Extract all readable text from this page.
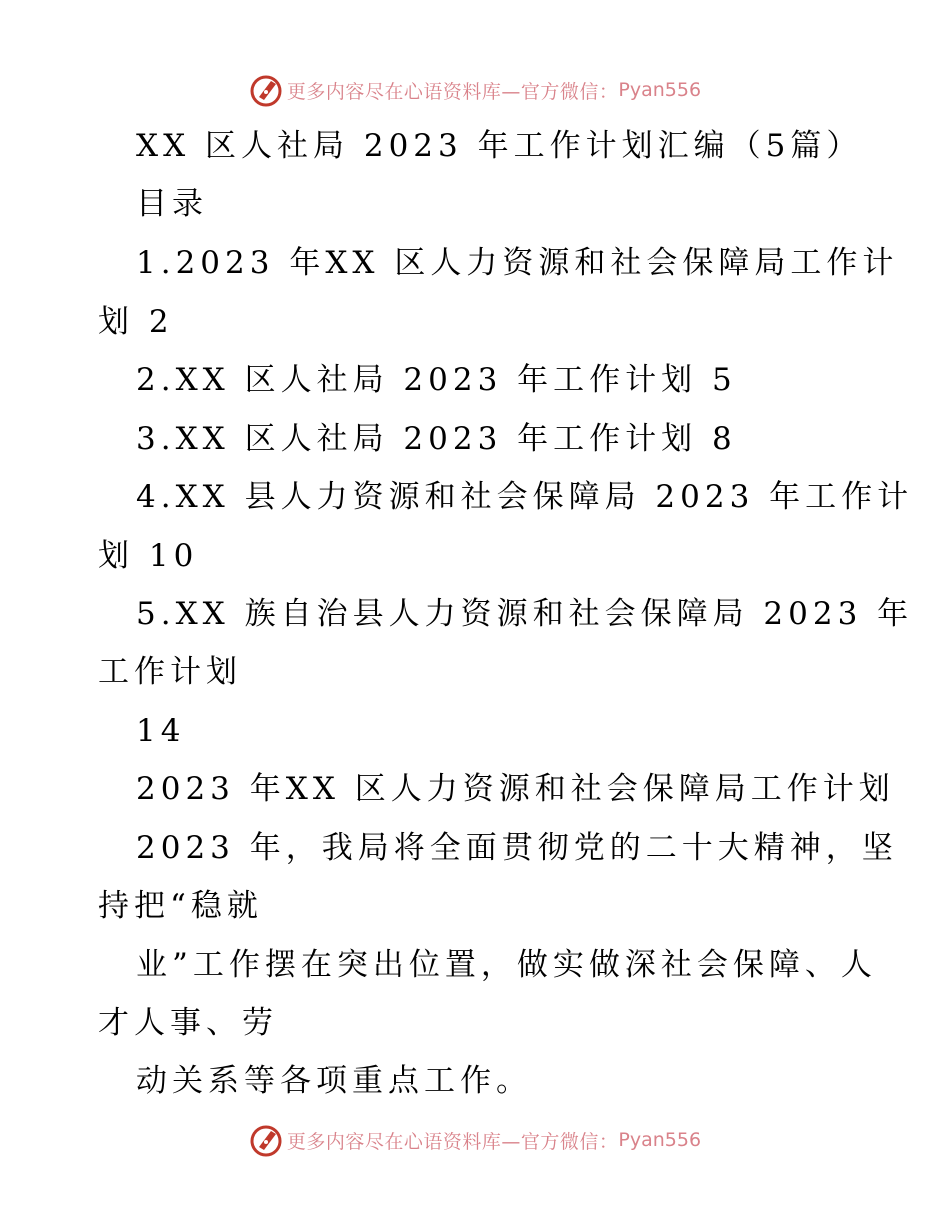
更多内容尽在心语资料库—官方微信： Pyan556
XX 区人社局 2023 年工作计划汇编（5篇）
目录
1.2023 年XX 区人力资源和社会保障局工作计
划 2
2.XX 区人社局 2023 年工作计划 5
3.XX 区人社局 2023 年工作计划 8
4.XX 县人力资源和社会保障局 2023 年工作计
划 10
5.XX 族自治县人力资源和社会保障局 2023 年
工作计划
14
2023 年XX 区人力资源和社会保障局工作计划
2023 年，我局将全面贯彻党的二十大精神，坚
持把“稳就
业”工作摆在突出位置，做实做深社会保障、人
才人事、劳
动关系等各项重点工作。
更多内容尽在心语资料库—官方微信： Pyan556
